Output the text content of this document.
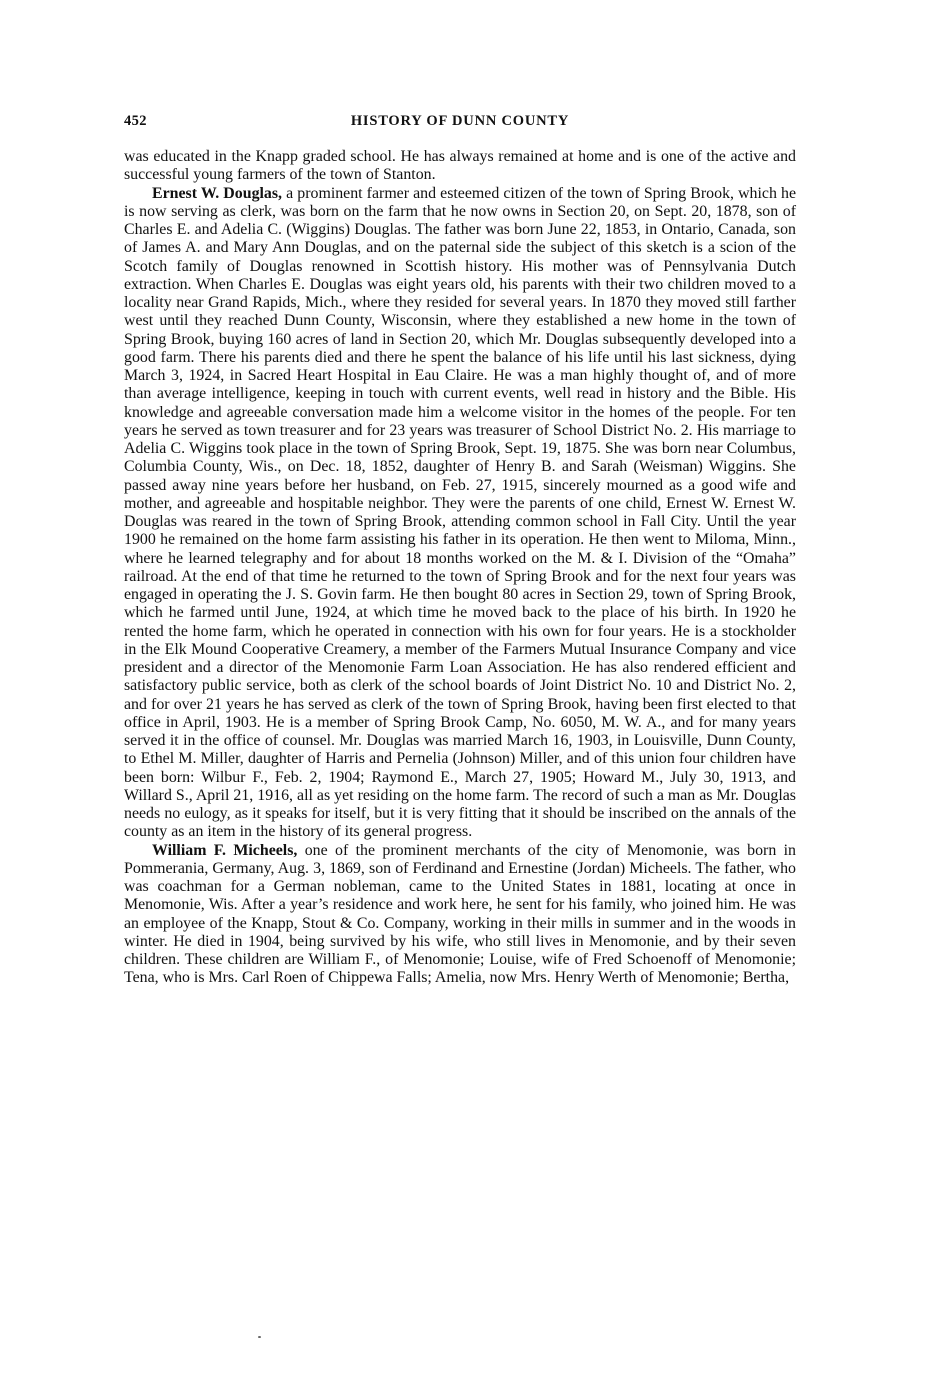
452	HISTORY OF DUNN COUNTY

was educated in the Knapp graded school. He has always remained at home and is one of the active and successful young farmers of the town of Stanton.

Ernest W. Douglas, a prominent farmer and esteemed citizen of the town of Spring Brook, which he is now serving as clerk, was born on the farm that he now owns in Section 20, on Sept. 20, 1878, son of Charles E. and Adelia C. (Wiggins) Douglas. The father was born June 22, 1853, in Ontario, Canada, son of James A. and Mary Ann Douglas, and on the paternal side the subject of this sketch is a scion of the Scotch family of Douglas renowned in Scottish history. His mother was of Pennsylvania Dutch extraction. When Charles E. Douglas was eight years old, his parents with their two children moved to a locality near Grand Rapids, Mich., where they resided for several years. In 1870 they moved still farther west until they reached Dunn County, Wisconsin, where they established a new home in the town of Spring Brook, buying 160 acres of land in Section 20, which Mr. Douglas subsequently developed into a good farm. There his parents died and there he spent the balance of his life until his last sickness, dying March 3, 1924, in Sacred Heart Hospital in Eau Claire. He was a man highly thought of, and of more than average intelligence, keeping in touch with current events, well read in history and the Bible. His knowledge and agreeable conversation made him a welcome visitor in the homes of the people. For ten years he served as town treasurer and for 23 years was treasurer of School District No. 2. His marriage to Adelia C. Wiggins took place in the town of Spring Brook, Sept. 19, 1875. She was born near Columbus, Columbia County, Wis., on Dec. 18, 1852, daughter of Henry B. and Sarah (Weisman) Wiggins. She passed away nine years before her husband, on Feb. 27, 1915, sincerely mourned as a good wife and mother, and agreeable and hospitable neighbor. They were the parents of one child, Ernest W. Ernest W. Douglas was reared in the town of Spring Brook, attending common school in Fall City. Until the year 1900 he remained on the home farm assisting his father in its operation. He then went to Miloma, Minn., where he learned telegraphy and for about 18 months worked on the M. & I. Division of the “Omaha” railroad. At the end of that time he returned to the town of Spring Brook and for the next four years was engaged in operating the J. S. Govin farm. He then bought 80 acres in Section 29, town of Spring Brook, which he farmed until June, 1924, at which time he moved back to the place of his birth. In 1920 he rented the home farm, which he operated in connection with his own for four years. He is a stockholder in the Elk Mound Cooperative Creamery, a member of the Farmers Mutual Insurance Company and vice president and a director of the Menomonie Farm Loan Association. He has also rendered efficient and satisfactory public service, both as clerk of the school boards of Joint District No. 10 and District No. 2, and for over 21 years he has served as clerk of the town of Spring Brook, having been first elected to that office in April, 1903. He is a member of Spring Brook Camp, No. 6050, M. W. A., and for many years served it in the office of counsel. Mr. Douglas was married March 16, 1903, in Louisville, Dunn County, to Ethel M. Miller, daughter of Harris and Pernelia (Johnson) Miller, and of this union four children have been born: Wilbur F., Feb. 2, 1904; Raymond E., March 27, 1905; Howard M., July 30, 1913, and Willard S., April 21, 1916, all as yet residing on the home farm. The record of such a man as Mr. Douglas needs no eulogy, as it speaks for itself, but it is very fitting that it should be inscribed on the annals of the county as an item in the history of its general progress.

William F. Micheels, one of the prominent merchants of the city of Menomonie, was born in Pommerania, Germany, Aug. 3, 1869, son of Ferdinand and Ernestine (Jordan) Micheels. The father, who was coachman for a German nobleman, came to the United States in 1881, locating at once in Menomonie, Wis. After a year’s residence and work here, he sent for his family, who joined him. He was an employee of the Knapp, Stout & Co. Company, working in their mills in summer and in the woods in winter. He died in 1904, being survived by his wife, who still lives in Menomonie, and by their seven children. These children are William F., of Menomonie; Louise, wife of Fred Schoenoff of Menomonie; Tena, who is Mrs. Carl Roen of Chippewa Falls; Amelia, now Mrs. Henry Werth of Menomonie; Bertha,
